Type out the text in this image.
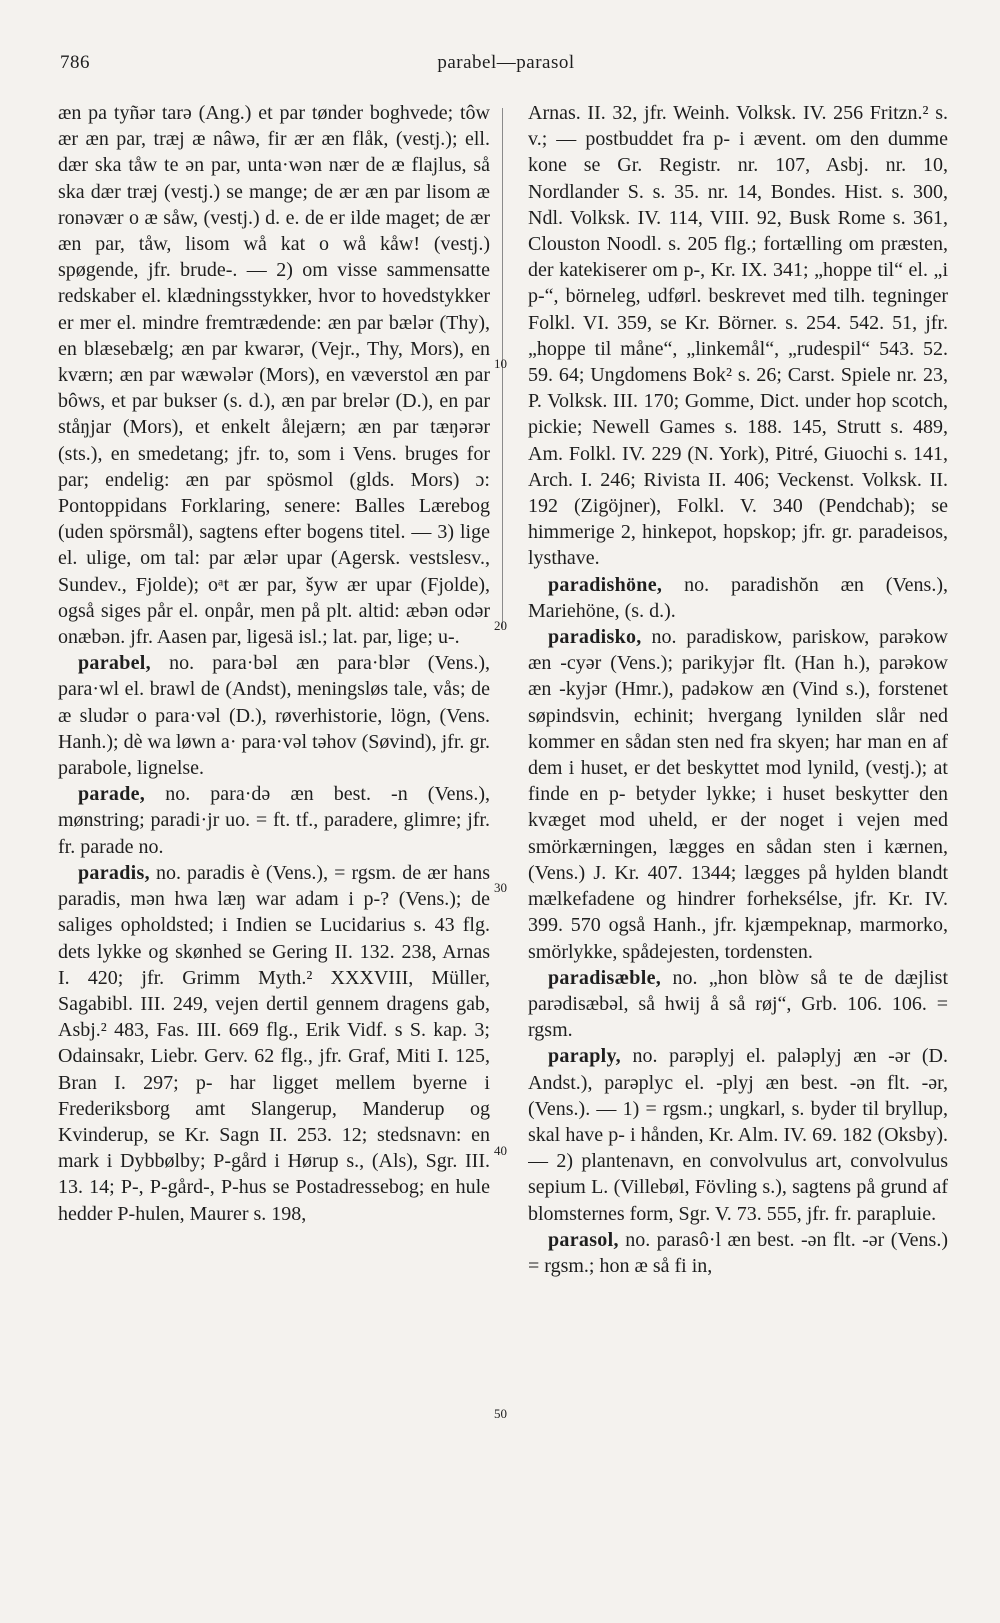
786	parabel—parasol

æn pa tyñər tarə (Ang.) et par tønder boghvede; tôw ær æn par, træj æ nâwə, fir ær æn flåk, (vestj.); ell. dær ska tåw te ən par, unta·wən nær de æ flajlus, så ska dær træj (vestj.) se mange; de ær æn par lisom æ ronəvær o æ såw, (vestj.) d. e. de er ilde maget; de ær æn par, tåw, lisom wå kat o wå kåw! (vestj.) spøgende, jfr. brude-. — 2) om visse sammensatte redskaber el. klædningsstykker, hvor to hovedstykker er mer el. mindre fremtrædende: æn par bælər (Thy), en blæsebælg; æn par kwarər, (Vejr., Thy, Mors), en kværn; æn par wæwələr (Mors), en væverstol æn par bôws, et par bukser (s. d.), æn par brelər (D.), en par ståŋjar (Mors), et enkelt ålejærn; æn par tæŋərər (sts.), en smedetang; jfr. to, som i Vens. bruges for par; endelig: æn par spösmol (glds. Mors) ɔ: Pontoppidans Forklaring, senere: Balles Lærebog (uden spörsmål), sagtens efter bogens titel. — 3) lige el. ulige, om tal: par ælər upar (Agersk. vestslesv., Sundev., Fjolde); oᵃt ær par, šyw ær upar (Fjolde), også siges pår el. onpår, men på plt. altid: æbən odər onæbən. jfr. Aasen par, ligesä isl.; lat. par, lige; u-.

 parabel, no. para·bəl æn para·blər (Vens.), para·wl el. brawl de (Andst), meningsløs tale, vås; de æ sludər o para·vəl (D.), røverhistorie, lögn, (Vens. Hanh.); dè wa løwn a· para·vəl təhov (Søvind), jfr. gr. parabole, lignelse.

 parade, no. para·də æn best. -n (Vens.), mønstring; paradi·jr uo. = ft. tf., paradere, glimre; jfr. fr. parade no.

 paradis, no. paradis è (Vens.), = rgsm. de ær hans paradis, mən hwa læŋ war adam i p-? (Vens.); de saliges opholdsted; i Indien se Lucidarius s. 43 flg. dets lykke og skønhed se Gering II. 132. 238, Arnas I. 420; jfr. Grimm Myth.² XXXVIII, Müller, Sagabibl. III. 249, vejen dertil gennem dragens gab, Asbj.² 483, Fas. III. 669 flg., Erik Vidf. s S. kap. 3; Odainsakr, Liebr. Gerv. 62 flg., jfr. Graf, Miti I. 125, Bran I. 297; p- har ligget mellem byerne i Frederiksborg amt Slangerup, Manderup og Kvinderup, se Kr. Sagn II. 253. 12; stedsnavn: en mark i Dybbølby; P-gård i Hørup s., (Als), Sgr. III. 13. 14; P-, P-gård-, P-hus se Postadressebog; en hule hedder P-hulen, Maurer s. 198,

10
20
30
40
50

Arnas. II. 32, jfr. Weinh. Volksk. IV. 256 Fritzn.² s. v.; — postbuddet fra p- i ævent. om den dumme kone se Gr. Registr. nr. 107, Asbj. nr. 10, Nordlander S. s. 35. nr. 14, Bondes. Hist. s. 300, Ndl. Volksk. IV. 114, VIII. 92, Busk Rome s. 361, Clouston Noodl. s. 205 flg.; fortælling om præsten, der katekiserer om p-, Kr. IX. 341; „hoppe til“ el. „i p-“, börneleg, udførl. beskrevet med tilh. tegninger Folkl. VI. 359, se Kr. Börner. s. 254. 542. 51, jfr. „hoppe til måne“, „linkemål“, „rudespil“ 543. 52. 59. 64; Ungdomens Bok² s. 26; Carst. Spiele nr. 23, P. Volksk. III. 170; Gomme, Dict. under hop scotch, pickie; Newell Games s. 188. 145, Strutt s. 489, Am. Folkl. IV. 229 (N. York), Pitré, Giuochi s. 141, Arch. I. 246; Rivista II. 406; Veckenst. Volksk. II. 192 (Zigöjner), Folkl. V. 340 (Pendchab); se himmerige 2, hinkepot, hopskop; jfr. gr. paradeisos, lysthave.

 paradishöne, no. paradishŏn æn (Vens.), Mariehöne, (s. d.).

 paradisko, no. paradiskow, pariskow, parəkow æn -cyər (Vens.); parikyjər flt. (Han h.), parəkow æn -kyjər (Hmr.), padəkow æn (Vind s.), forstenet søpindsvin, echinit; hvergang lynilden slår ned kommer en sådan sten ned fra skyen; har man en af dem i huset, er det beskyttet mod lynild, (vestj.); at finde en p- betyder lykke; i huset beskytter den kvæget mod uheld, er der noget i vejen med smörkærningen, lægges en sådan sten i kærnen, (Vens.) J. Kr. 407. 1344; lægges på hylden blandt mælkefadene og hindrer forheksélse, jfr. Kr. IV. 399. 570 også Hanh., jfr. kjæmpeknap, marmorko, smörlykke, spådejesten, tordensten.

 paradisæble, no. „hon blòw så te de dæjlist parədisæbəl, så hwij å så røj“, Grb. 106. 106. = rgsm.

 paraply, no. parəplyj el. paləplyj æn -ər (D. Andst.), parəplyc el. -plyj æn best. -ən flt. -ər, (Vens.). — 1) = rgsm.; ungkarl, s. byder til bryllup, skal have p- i hånden, Kr. Alm. IV. 69. 182 (Oksby). — 2) plantenavn, en convolvulus art, convolvulus sepium L. (Villebøl, Fövling s.), sagtens på grund af blomsternes form, Sgr. V. 73. 555, jfr. fr. parapluie.

 parasol, no. parasô·l æn best. -ən flt. -ər (Vens.) = rgsm.; hon æ så fi in,
